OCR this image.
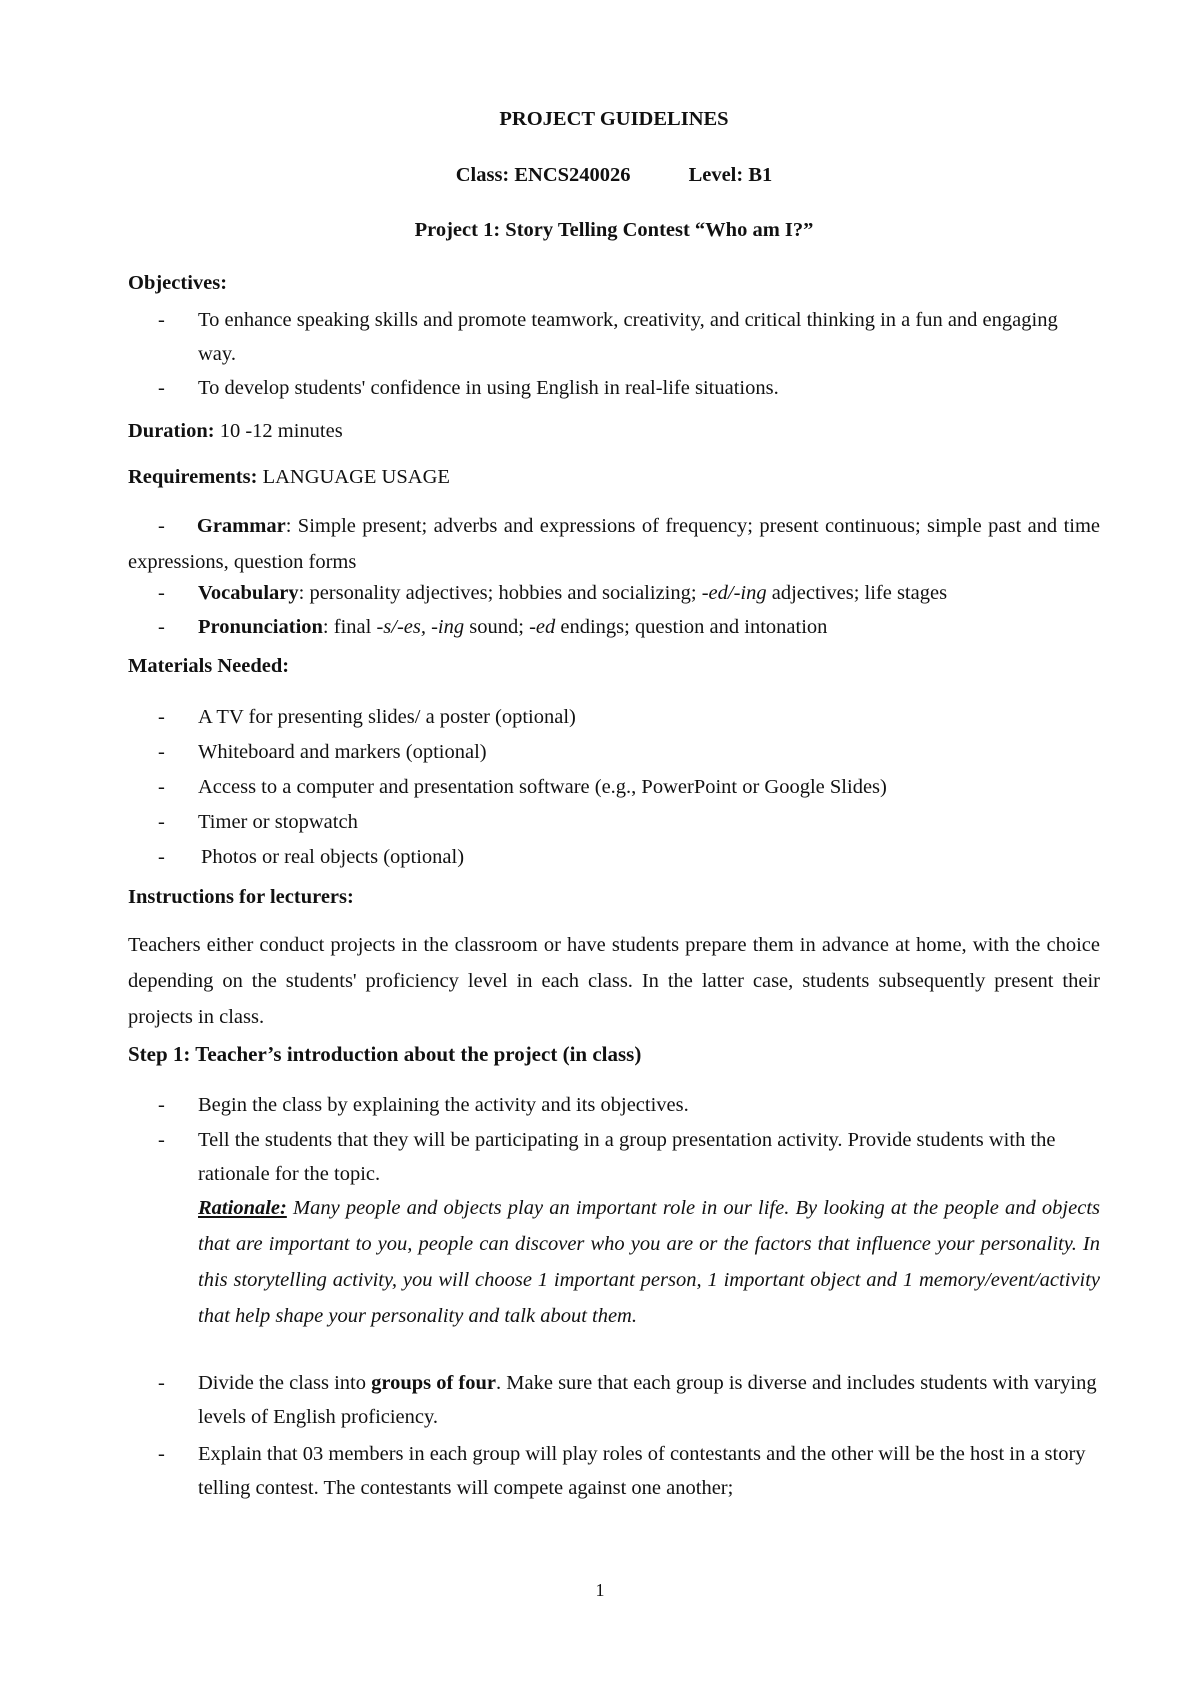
PROJECT GUIDELINES
Class: ENCS240026	Level: B1
Project 1: Story Telling Contest “Who am I?”
Objectives:
- To enhance speaking skills and promote teamwork, creativity, and critical thinking in a fun and engaging way.
- To develop students' confidence in using English in real-life situations.
Duration: 10 -12 minutes
Requirements: LANGUAGE USAGE
-     Grammar: Simple present; adverbs and expressions of frequency; present continuous; simple past and time expressions, question forms
- Vocabulary: personality adjectives; hobbies and socializing; -ed/-ing adjectives; life stages
- Pronunciation: final -s/-es, -ing sound; -ed endings; question and intonation
Materials Needed:
- A TV for presenting slides/ a poster (optional)
- Whiteboard and markers (optional)
- Access to a computer and presentation software (e.g., PowerPoint or Google Slides)
- Timer or stopwatch
- Photos or real objects (optional)
Instructions for lecturers:
Teachers either conduct projects in the classroom or have students prepare them in advance at home, with the choice depending on the students' proficiency level in each class. In the latter case, students subsequently present their projects in class.
Step 1: Teacher’s introduction about the project (in class)
- Begin the class by explaining the activity and its objectives.
- Tell the students that they will be participating in a group presentation activity. Provide students with the rationale for the topic.
Rationale: Many people and objects play an important role in our life. By looking at the people and objects that are important to you, people can discover who you are or the factors that influence your personality. In this storytelling activity, you will choose 1 important person, 1 important object and 1 memory/event/activity that help shape your personality and talk about them.
- Divide the class into groups of four. Make sure that each group is diverse and includes students with varying levels of English proficiency.
- Explain that 03 members in each group will play roles of contestants and the other will be the host in a story telling contest. The contestants will compete against one another;
1
